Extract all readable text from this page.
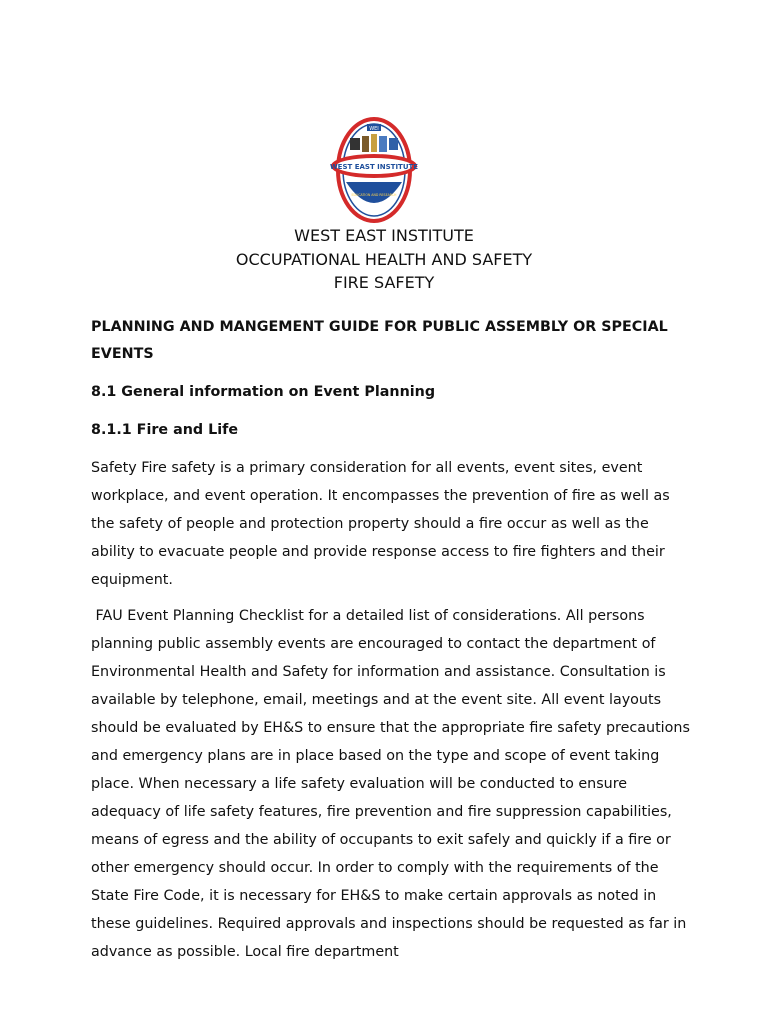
WEI
WEST EAST INSTITUTE
EDUCATION AND RESEARCH
WEST EAST INSTITUTE
OCCUPATIONAL HEALTH AND SAFETY
FIRE SAFETY
PLANNING AND MANGEMENT GUIDE FOR PUBLIC ASSEMBLY OR SPECIAL EVENTS
8.1 General information on Event Planning
8.1.1 Fire and Life

Safety Fire safety is a primary consideration for all events, event sites, event workplace, and event operation. It encompasses the prevention of fire as well as the safety of people and protection property should a fire occur as well as the ability to evacuate people and provide response access to fire fighters and their equipment.

FAU Event Planning Checklist for a detailed list of considerations. All persons planning public assembly events are encouraged to contact the department of Environmental Health and Safety for information and assistance. Consultation is available by telephone, email, meetings and at the event site. All event layouts should be evaluated by EH&S to ensure that the appropriate fire safety precautions and emergency plans are in place based on the type and scope of event taking place. When necessary a life safety evaluation will be conducted to ensure adequacy of life safety features, fire prevention and fire suppression capabilities, means of egress and the ability of occupants to exit safely and quickly if a fire or other emergency should occur. In order to comply with the requirements of the State Fire Code, it is necessary for EH&S to make certain approvals as noted in these guidelines. Required approvals and inspections should be requested as far in advance as possible. Local fire department
